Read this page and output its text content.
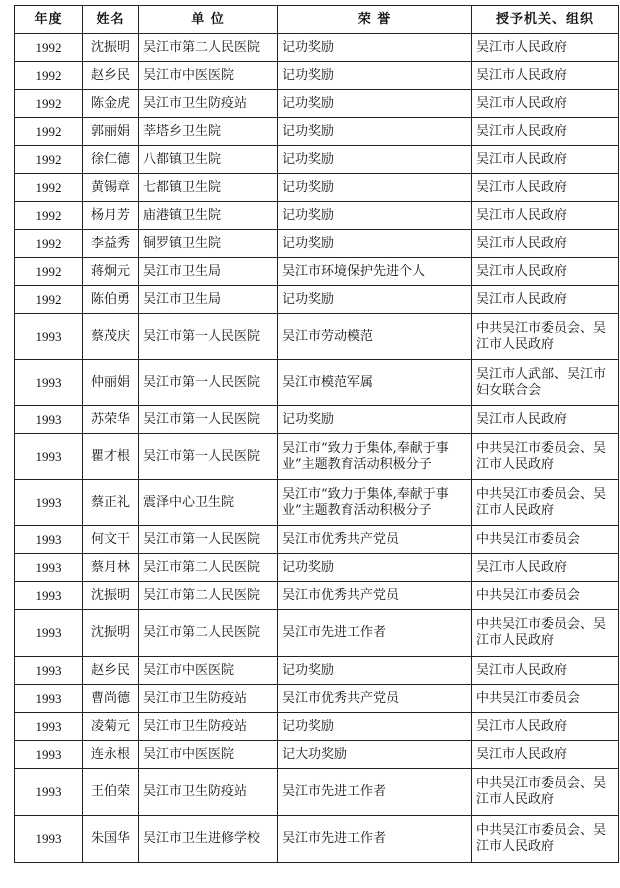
年度	姓名	单 位	荣 誉	授予机关、组织
1992	沈振明	吴江市第二人民医院	记功奖励	吴江市人民政府
1992	赵乡民	吴江市中医医院	记功奖励	吴江市人民政府
1992	陈金虎	吴江市卫生防疫站	记功奖励	吴江市人民政府
1992	郭丽娟	莘塔乡卫生院	记功奖励	吴江市人民政府
1992	徐仁德	八都镇卫生院	记功奖励	吴江市人民政府
1992	黄锡章	七都镇卫生院	记功奖励	吴江市人民政府
1992	杨月芳	庙港镇卫生院	记功奖励	吴江市人民政府
1992	李益秀	铜罗镇卫生院	记功奖励	吴江市人民政府
1992	蒋炯元	吴江市卫生局	吴江市环境保护先进个人	吴江市人民政府
1992	陈伯勇	吴江市卫生局	记功奖励	吴江市人民政府
1993	蔡茂庆	吴江市第一人民医院	吴江市劳动模范	中共吴江市委员会、吴江市人民政府
1993	仲丽娟	吴江市第一人民医院	吴江市模范军属	吴江市人武部、吴江市妇女联合会
1993	苏荣华	吴江市第一人民医院	记功奖励	吴江市人民政府
1993	瞿才根	吴江市第一人民医院	吴江市“致力于集体,奉献于事业”主题教育活动积极分子	中共吴江市委员会、吴江市人民政府
1993	蔡正礼	震泽中心卫生院	吴江市“致力于集体,奉献于事业”主题教育活动积极分子	中共吴江市委员会、吴江市人民政府
1993	何文干	吴江市第一人民医院	吴江市优秀共产党员	中共吴江市委员会
1993	蔡月林	吴江市第二人民医院	记功奖励	吴江市人民政府
1993	沈振明	吴江市第二人民医院	吴江市优秀共产党员	中共吴江市委员会
1993	沈振明	吴江市第二人民医院	吴江市先进工作者	中共吴江市委员会、吴江市人民政府
1993	赵乡民	吴江市中医医院	记功奖励	吴江市人民政府
1993	曹尚德	吴江市卫生防疫站	吴江市优秀共产党员	中共吴江市委员会
1993	凌菊元	吴江市卫生防疫站	记功奖励	吴江市人民政府
1993	连永根	吴江市中医医院	记大功奖励	吴江市人民政府
1993	王伯荣	吴江市卫生防疫站	吴江市先进工作者	中共吴江市委员会、吴江市人民政府
1993	朱国华	吴江市卫生进修学校	吴江市先进工作者	中共吴江市委员会、吴江市人民政府
